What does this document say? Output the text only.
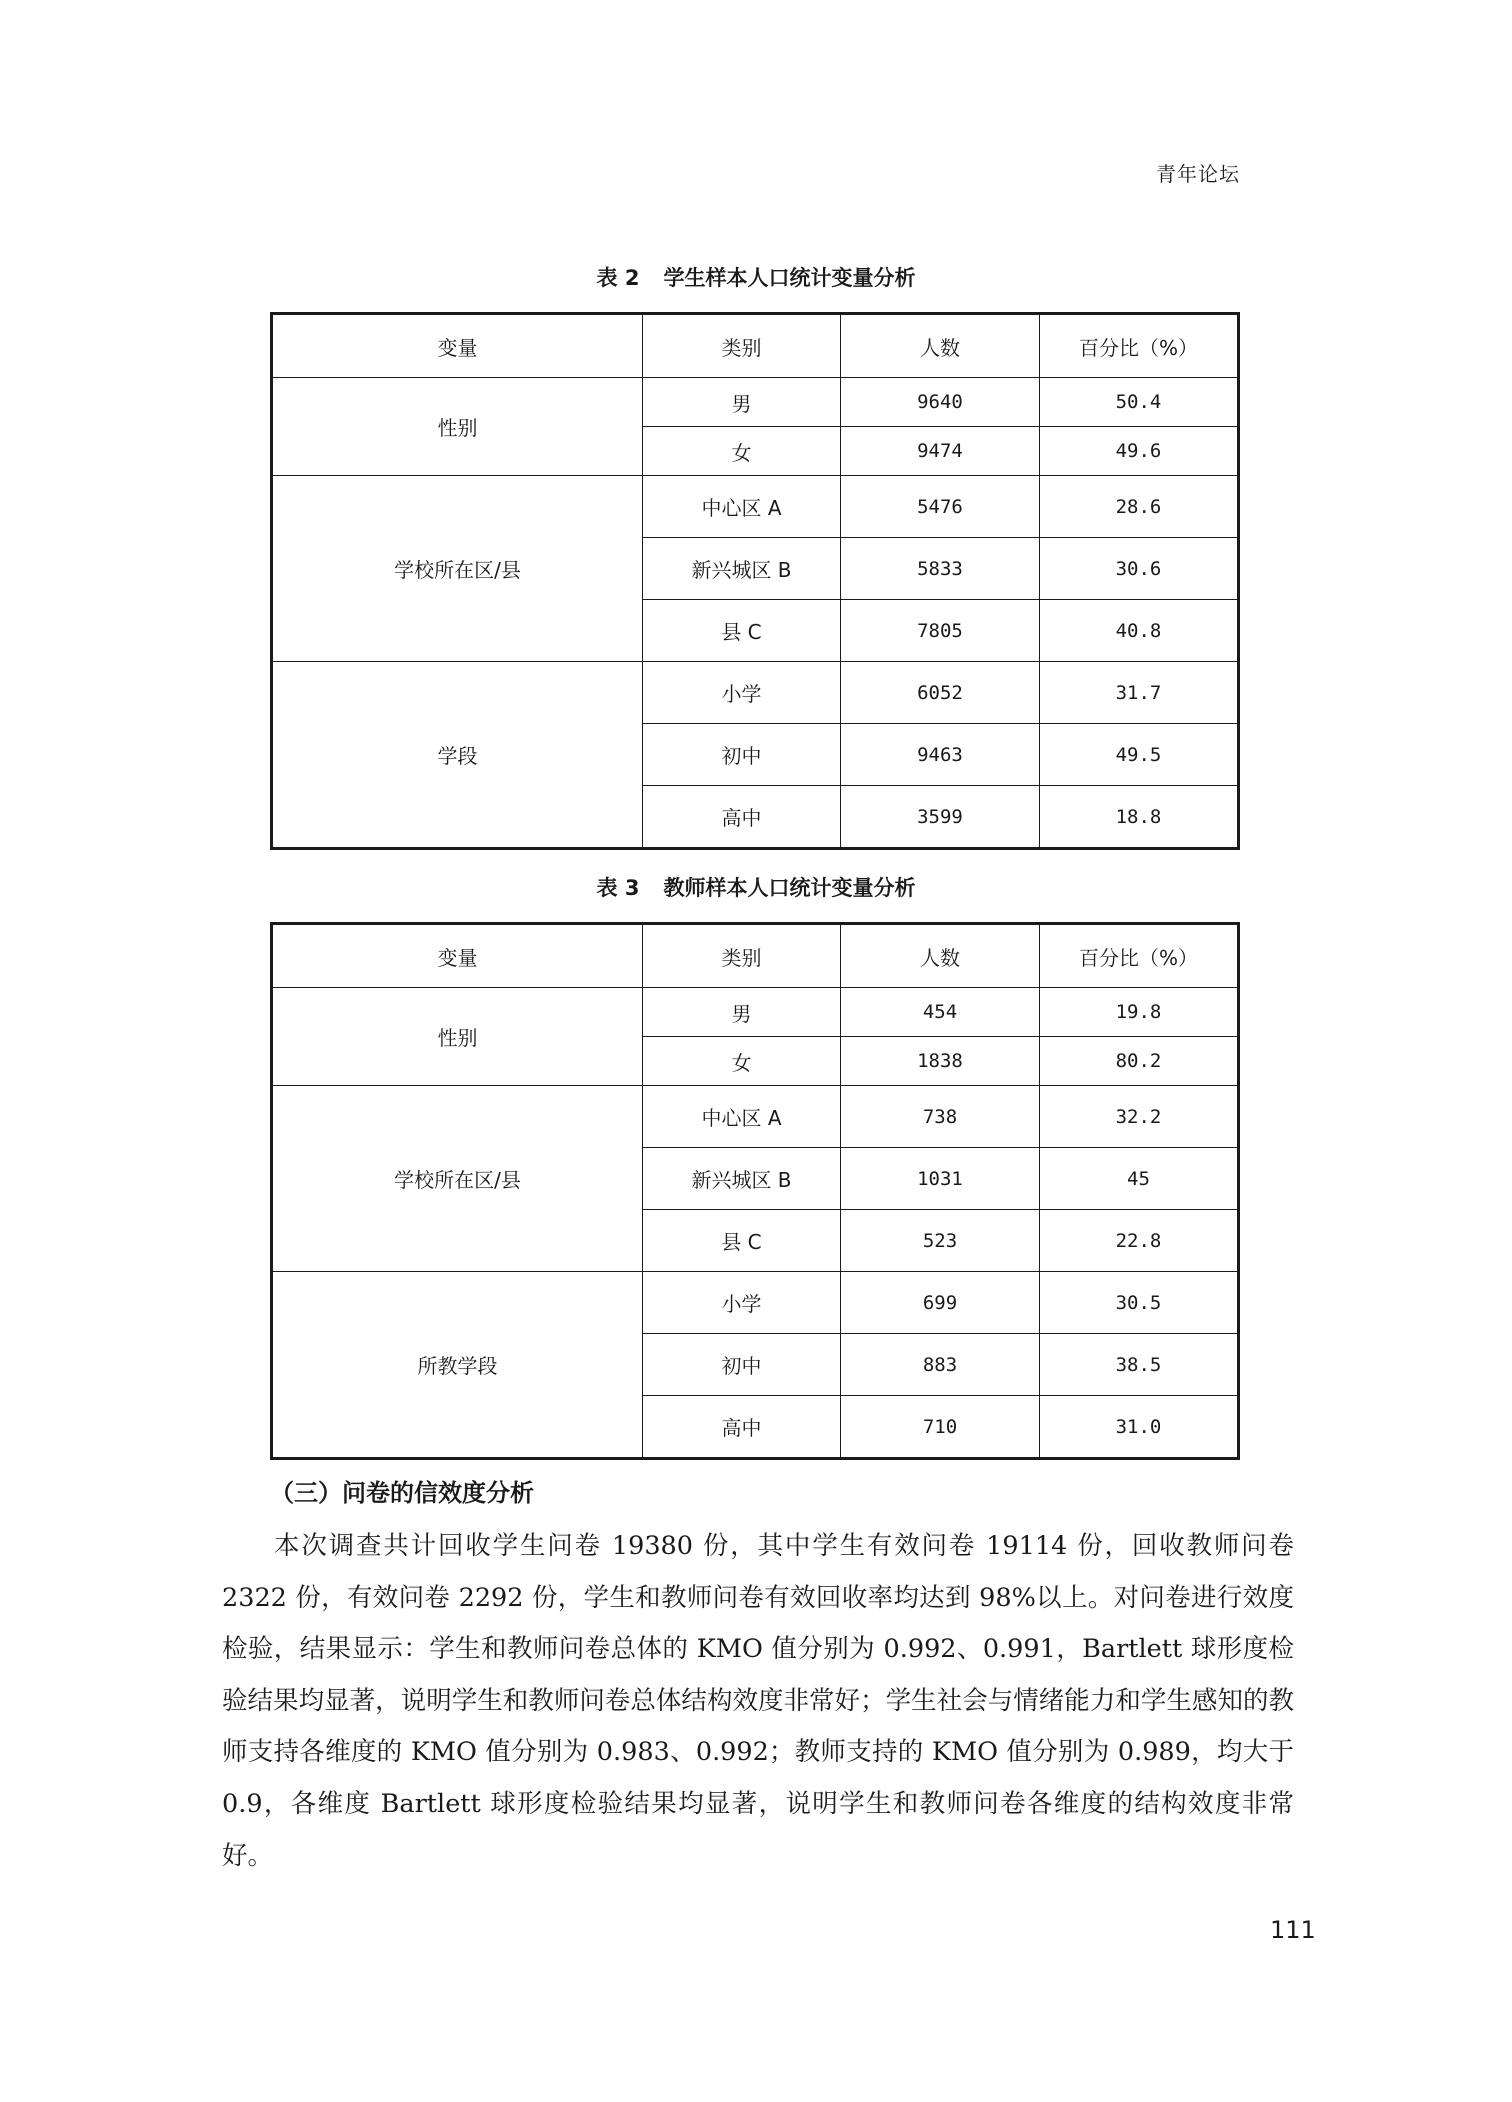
青年论坛
表 2 学生样本人口统计变量分析
变量	类别	人数	百分比（%）
性别	男	9640	50.4
	女	9474	49.6
学校所在区/县	中心区 A	5476	28.6
	新兴城区 B	5833	30.6
	县 C	7805	40.8
学段	小学	6052	31.7
	初中	9463	49.5
	高中	3599	18.8
表 3 教师样本人口统计变量分析
变量	类别	人数	百分比（%）
性别	男	454	19.8
	女	1838	80.2
学校所在区/县	中心区 A	738	32.2
	新兴城区 B	1031	45
	县 C	523	22.8
所教学段	小学	699	30.5
	初中	883	38.5
	高中	710	31.0
（三）问卷的信效度分析

本次调查共计回收学生问卷 19380 份，其中学生有效问卷 19114 份，回收教师问卷 2322 份，有效问卷 2292 份，学生和教师问卷有效回收率均达到 98%以上。对问卷进行效度检验，结果显示：学生和教师问卷总体的 KMO 值分别为 0.992、0.991，Bartlett 球形度检验结果均显著，说明学生和教师问卷总体结构效度非常好；学生社会与情绪能力和学生感知的教师支持各维度的 KMO 值分别为 0.983、0.992；教师支持的 KMO 值分别为 0.989，均大于 0.9，各维度 Bartlett 球形度检验结果均显著，说明学生和教师问卷各维度的结构效度非常好。

111
